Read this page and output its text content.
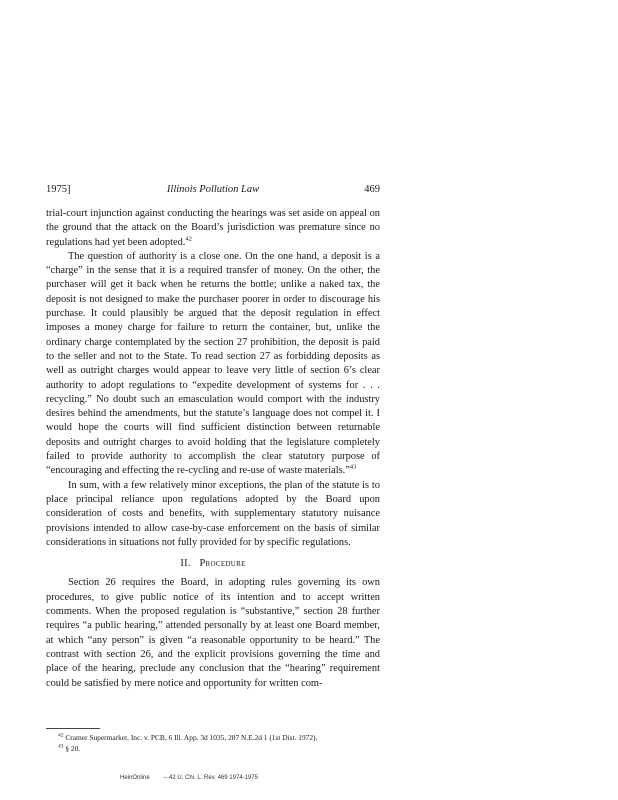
1975]	Illinois Pollution Law	469

trial-court injunction against conducting the hearings was set aside on appeal on the ground that the attack on the Board’s jurisdiction was premature since no regulations had yet been adopted.$^{42}$

The question of authority is a close one. On the one hand, a deposit is a “charge” in the sense that it is a required transfer of money. On the other, the purchaser will get it back when he returns the bottle; unlike a naked tax, the deposit is not designed to make the purchaser poorer in order to discourage his purchase. It could plausibly be argued that the deposit regulation in effect imposes a money charge for failure to return the container, but, unlike the ordinary charge contemplated by the section 27 prohibition, the deposit is paid to the seller and not to the State. To read section 27 as forbidding deposits as well as outright charges would appear to leave very little of section 6’s clear authority to adopt regulations to “expedite development of systems for . . . recycling.” No doubt such an emasculation would comport with the industry desires behind the amendments, but the statute’s language does not compel it. I would hope the courts will find sufficient distinction between returnable deposits and outright charges to avoid holding that the legislature completely failed to provide authority to accomplish the clear statutory purpose of “encouraging and effecting the re-cycling and re-use of waste materials.”$^{43}$

In sum, with a few relatively minor exceptions, the plan of the statute is to place principal reliance upon regulations adopted by the Board upon consideration of costs and benefits, with supplementary statutory nuisance provisions intended to allow case-by-case enforcement on the basis of similar considerations in situations not fully provided for by specific regulations.

II. Procedure

Section 26 requires the Board, in adopting rules governing its own procedures, to give public notice of its intention and to accept written comments. When the proposed regulation is “substantive,” section 28 further requires “a public hearing,” attended personally by at least one Board member, at which “any person” is given “a reasonable opportunity to be heard.” The contrast with section 26, and the explicit provisions governing the time and place of the hearing, preclude any conclusion that the “hearing” requirement could be satisfied by mere notice and opportunity for written com-

$^{42}$ Cramer Supermarket, Inc. v. PCB, 6 Ill. App. 3d 1035, 287 N.E.2d 1 (1st Dist. 1972).

$^{43}$ § 20.

HeinOnline -- 42 U. Chi. L. Rev. 469 1974-1975
